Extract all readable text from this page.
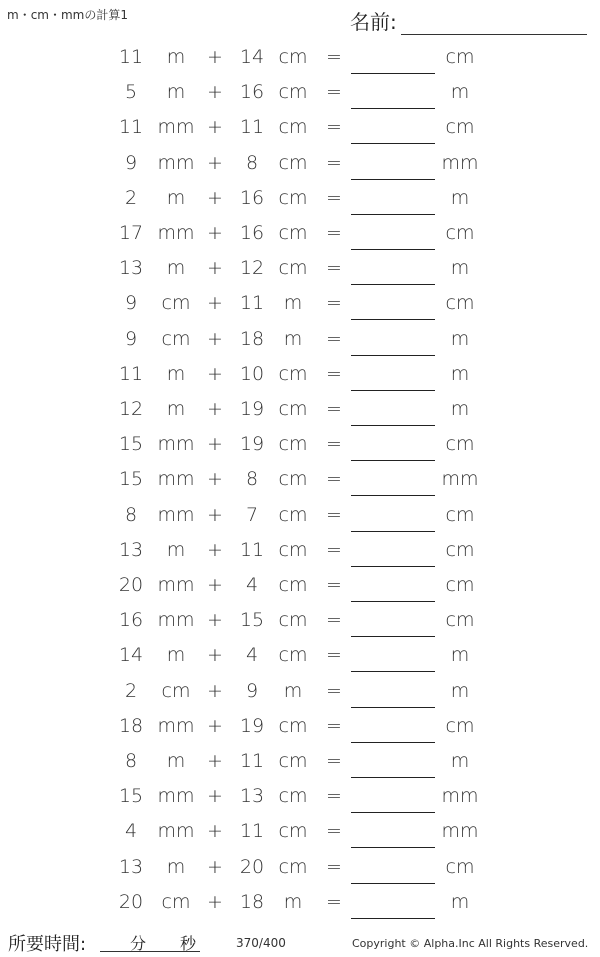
m・cm・mmの計算1	名前:
11	m	+ 14 cm =	cm
5	m	+ 16 cm =	m
11 mm + 11 cm =	cm
9	mm +	8	cm =	mm
2	m	+ 16 cm =	m
17 mm + 16 cm =	cm
13	m	+ 12 cm =	m
9	cm + 11	m	=	cm
9	cm + 18	m	=	m
11	m	+ 10 cm =	m
12	m	+ 19 cm =	m
15 mm + 19 cm =	cm
15 mm +	8	cm =	mm
8	mm +	7	cm =	cm
13	m	+ 11 cm =	cm
20 mm +	4	cm =	cm
16 mm + 15 cm =	cm
14	m	+	4	cm =	m
2	cm +	9	m	=	m
18 mm + 19 cm =	cm
8	m	+ 11 cm =	m
15 mm + 13 cm =	mm
4	mm + 11 cm =	mm
13	m	+ 20 cm =	cm
20 cm + 18	m	=	m
所要時間:	分 秒	370/400	Copyright © Alpha.Inc All Rights Reserved.
